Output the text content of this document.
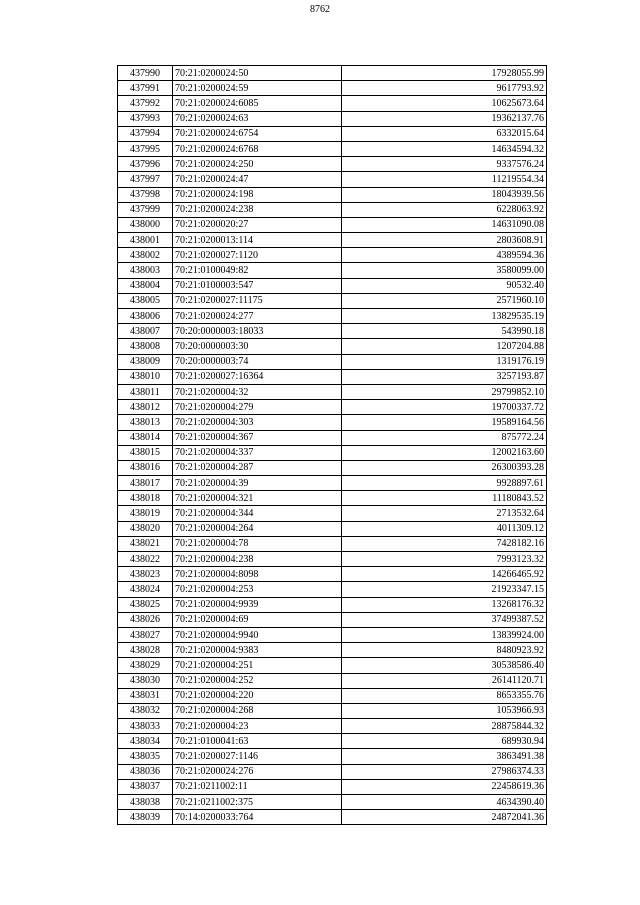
8762
437990	70:21:0200024:50	17928055.99
437991	70:21:0200024:59	9617793.92
437992	70:21:0200024:6085	10625673.64
437993	70:21:0200024:63	19362137.76
437994	70:21:0200024:6754	6332015.64
437995	70:21:0200024:6768	14634594.32
437996	70:21:0200024:250	9337576.24
437997	70:21:0200024:47	11219554.34
437998	70:21:0200024:198	18043939.56
437999	70:21:0200024:238	6228063.92
438000	70:21:0200020:27	14631090.08
438001	70:21:0200013:114	2803608.91
438002	70:21:0200027:1120	4389594.36
438003	70:21:0100049:82	3580099.00
438004	70:21:0100003:547	90532.40
438005	70:21:0200027:11175	2571960.10
438006	70:21:0200024:277	13829535.19
438007	70:20:0000003:18033	543990.18
438008	70:20:0000003:30	1207204.88
438009	70:20:0000003:74	1319176.19
438010	70:21:0200027:16364	3257193.87
438011	70:21:0200004:32	29799852.10
438012	70:21:0200004:279	19700337.72
438013	70:21:0200004:303	19589164.56
438014	70:21:0200004:367	875772.24
438015	70:21:0200004:337	12002163.60
438016	70:21:0200004:287	26300393.28
438017	70:21:0200004:39	9928897.61
438018	70:21:0200004:321	11180843.52
438019	70:21:0200004:344	2713532.64
438020	70:21:0200004:264	4011309.12
438021	70:21:0200004:78	7428182.16
438022	70:21:0200004:238	7993123.32
438023	70:21:0200004:8098	14266465.92
438024	70:21:0200004:253	21923347.15
438025	70:21:0200004:9939	13268176.32
438026	70:21:0200004:69	37499387.52
438027	70:21:0200004:9940	13839924.00
438028	70:21:0200004:9383	8480923.92
438029	70:21:0200004:251	30538586.40
438030	70:21:0200004:252	26141120.71
438031	70:21:0200004:220	8653355.76
438032	70:21:0200004:268	1053966.93
438033	70:21:0200004:23	28875844.32
438034	70:21:0100041:63	689930.94
438035	70:21:0200027:1146	3863491.38
438036	70:21:0200024:276	27986374.33
438037	70:21:0211002:11	22458619.36
438038	70:21:0211002:375	4634390.40
438039	70:14:0200033:764	24872041.36
